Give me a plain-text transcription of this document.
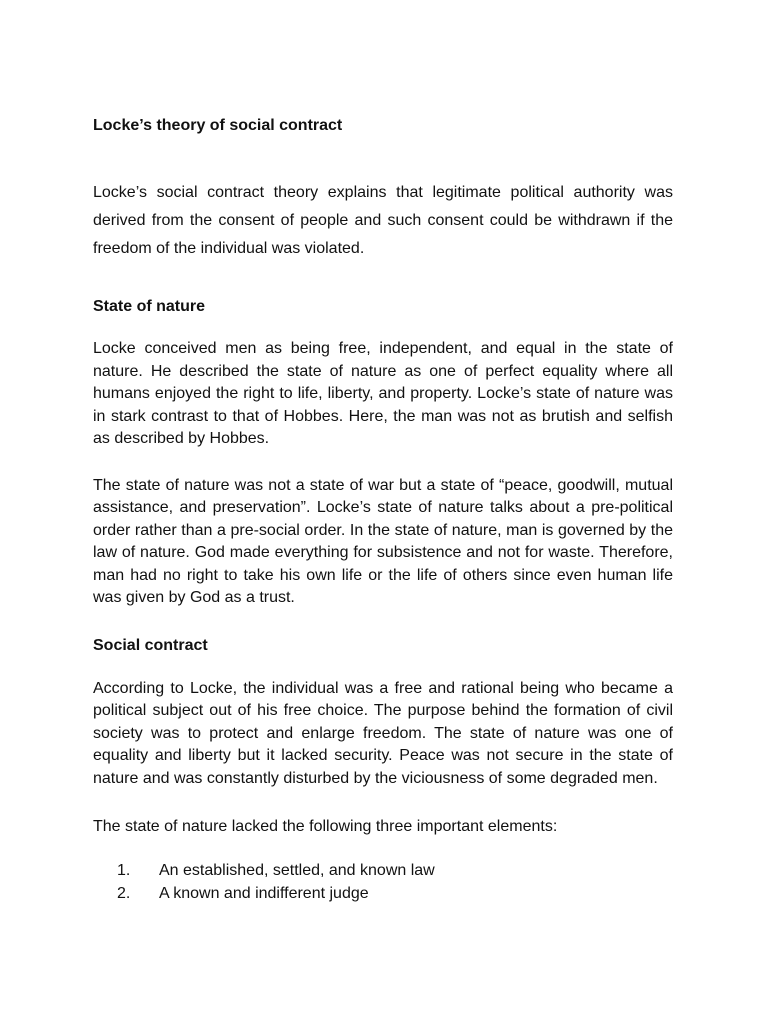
Locke’s theory of social contract

Locke’s social contract theory explains that legitimate political authority was derived from the consent of people and such consent could be withdrawn if the freedom of the individual was violated.

State of nature

Locke conceived men as being free, independent, and equal in the state of nature. He described the state of nature as one of perfect equality where all humans enjoyed the right to life, liberty, and property. Locke’s state of nature was in stark contrast to that of Hobbes. Here, the man was not as brutish and selfish as described by Hobbes.

The state of nature was not a state of war but a state of “peace, goodwill, mutual assistance, and preservation”. Locke’s state of nature talks about a pre-political order rather than a pre-social order. In the state of nature, man is governed by the law of nature. God made everything for subsistence and not for waste. Therefore, man had no right to take his own life or the life of others since even human life was given by God as a trust.

Social contract

According to Locke, the individual was a free and rational being who became a political subject out of his free choice. The purpose behind the formation of civil society was to protect and enlarge freedom. The state of nature was one of equality and liberty but it lacked security. Peace was not secure in the state of nature and was constantly disturbed by the viciousness of some degraded men.

The state of nature lacked the following three important elements:

1. An established, settled, and known law
2. A known and indifferent judge
